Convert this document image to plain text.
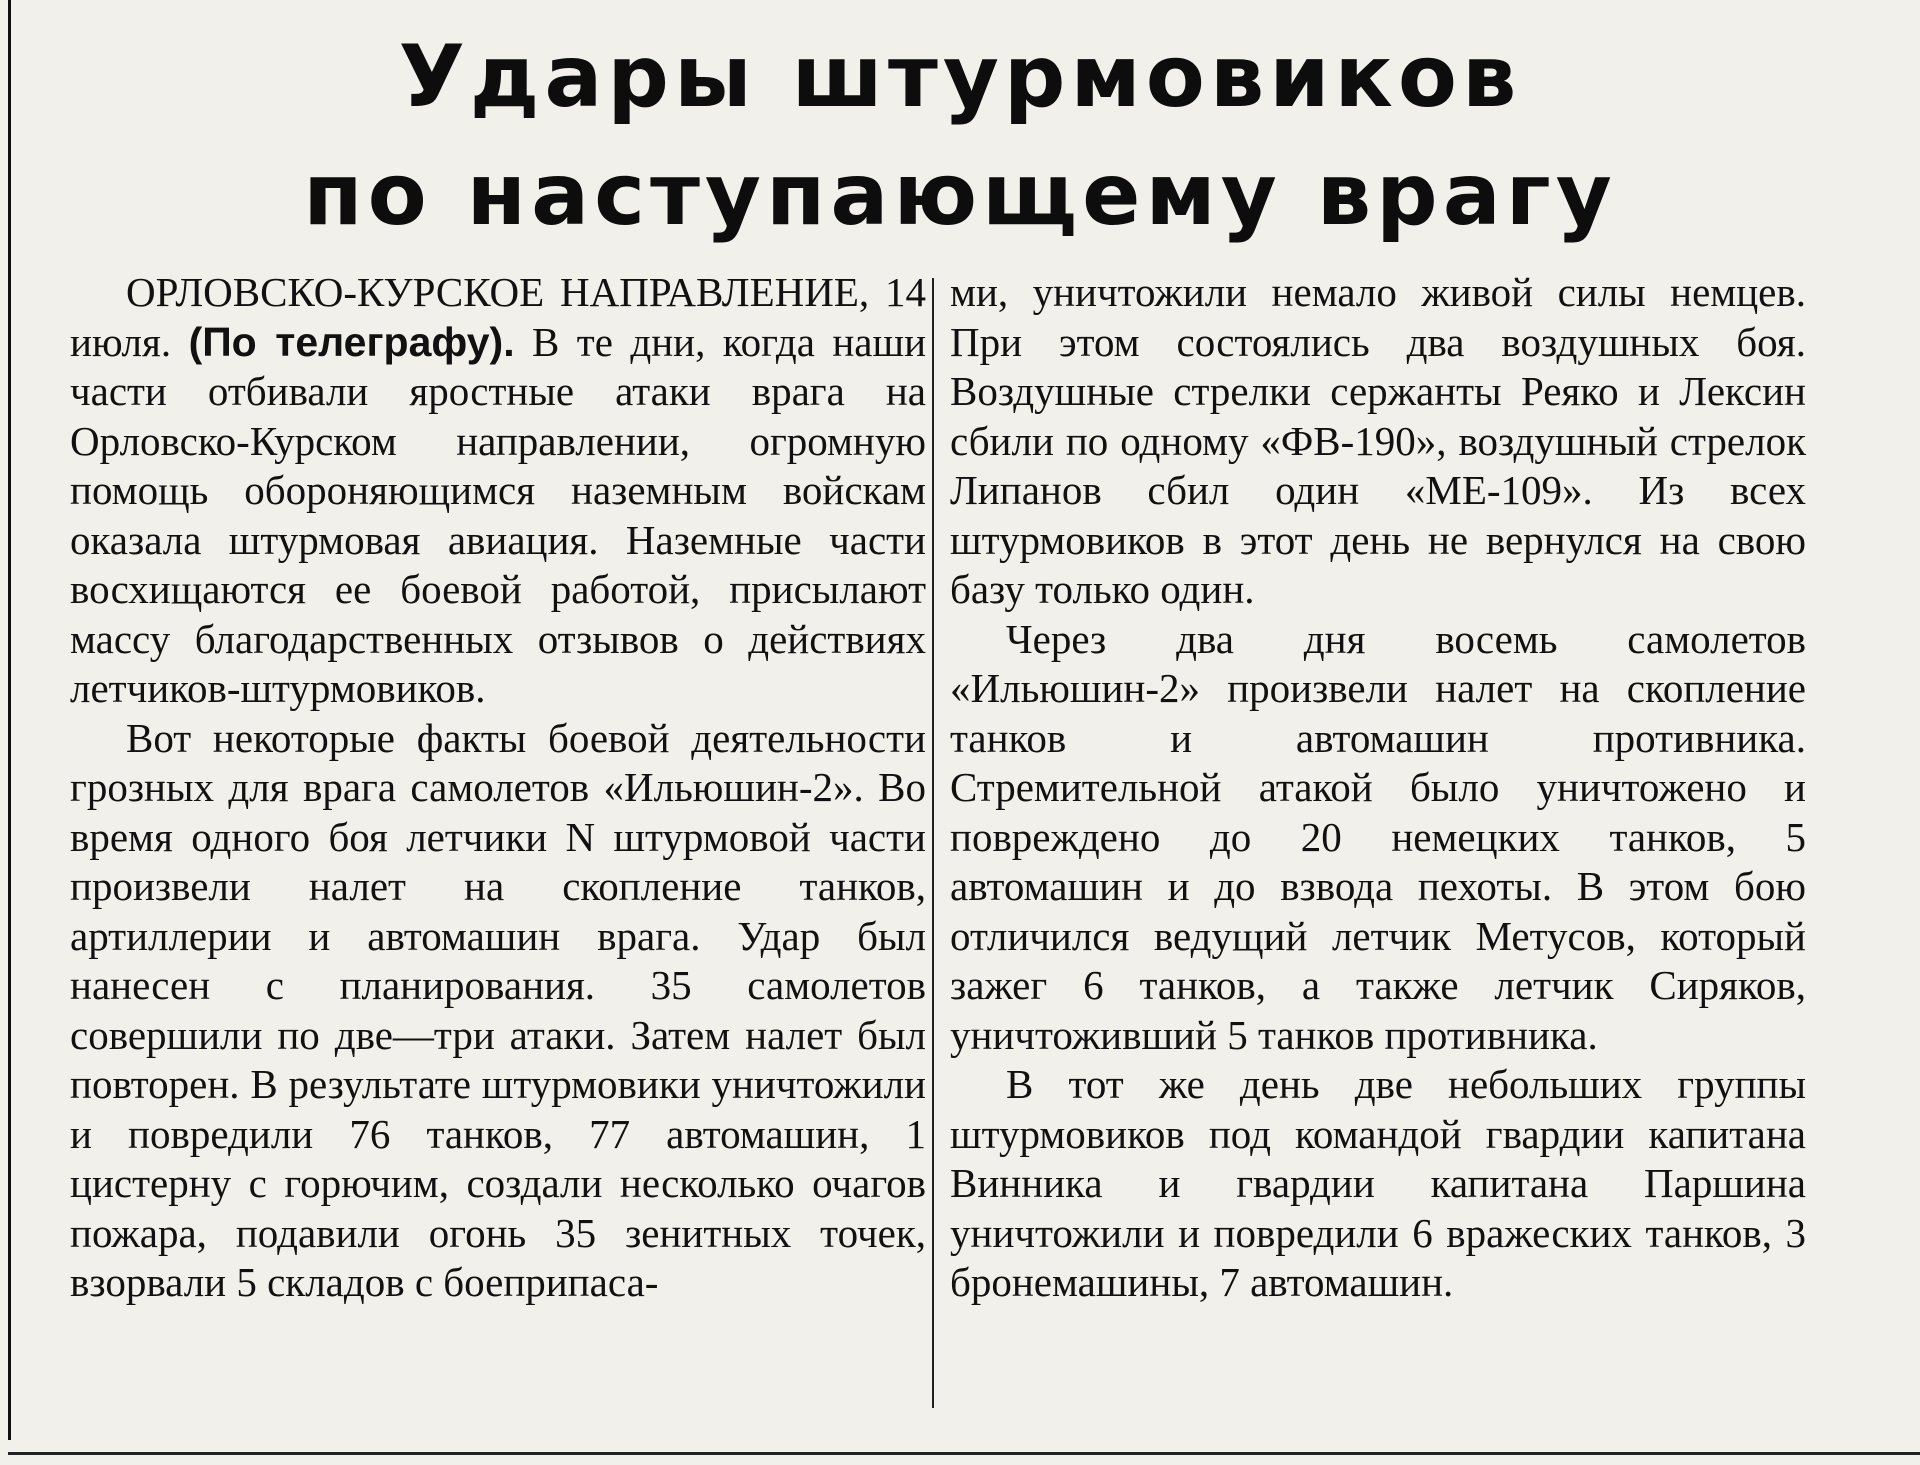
Удары штурмовиков
по наступающему врагу

ОРЛОВСКО-КУРСКОЕ НАПРАВЛЕНИЕ, 14 июля. (По телеграфу). В те дни, когда наши части отбивали яростные атаки врага на Орловско-Курском направлении, огромную помощь обороняющимся наземным войскам оказала штурмовая авиация. Наземные части восхищаются ее боевой работой, присылают массу благодарственных отзывов о действиях летчиков-штурмовиков.

Вот некоторые факты боевой деятельности грозных для врага самолетов «Ильюшин-2». Во время одного боя летчики N штурмовой части произвели налет на скопление танков, артиллерии и автомашин врага. Удар был нанесен с планирования. 35 самолетов совершили по две—три атаки. Затем налет был повторен. В результате штурмовики уничтожили и повредили 76 танков, 77 автомашин, 1 цистерну с горючим, создали несколько очагов пожара, подавили огонь 35 зенитных точек, взорвали 5 складов с боеприпаса-

ми, уничтожили немало живой силы немцев. При этом состоялись два воздушных боя. Воздушные стрелки сержанты Реяко и Лексин сбили по одному «ФВ-190», воздушный стрелок Липанов сбил один «МЕ-109». Из всех штурмовиков в этот день не вернулся на свою базу только один.

Через два дня восемь самолетов «Ильюшин-2» произвели налет на скопление танков и автомашин противника. Стремительной атакой было уничтожено и повреждено до 20 немецких танков, 5 автомашин и до взвода пехоты. В этом бою отличился ведущий летчик Метусов, который зажег 6 танков, а также летчик Сиряков, уничтоживший 5 танков противника.

В тот же день две небольших группы штурмовиков под командой гвардии капитана Винника и гвардии капитана Паршина уничтожили и повредили 6 вражеских танков, 3 бронемашины, 7 автомашин.
